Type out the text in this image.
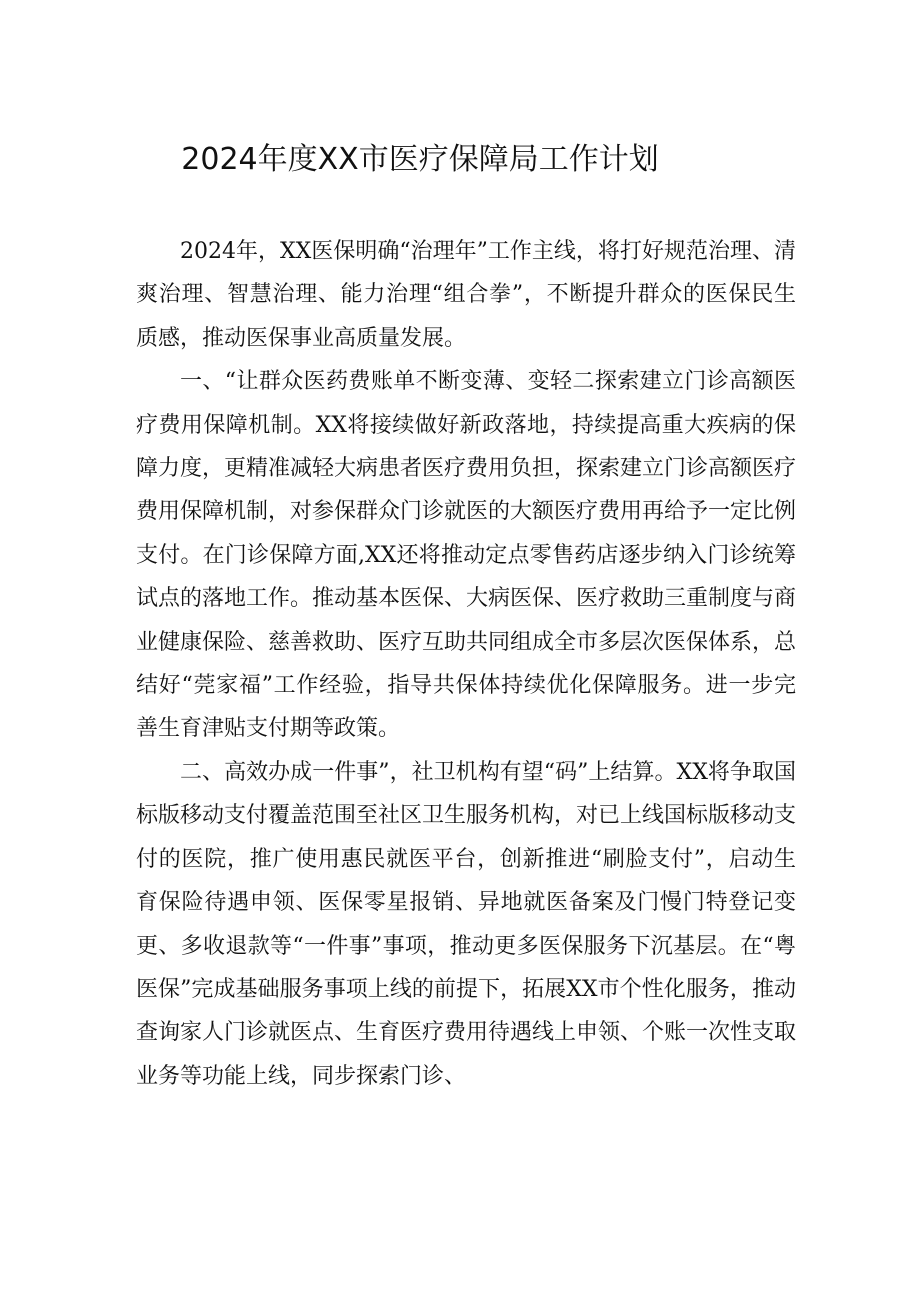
2024年度XX市医疗保障局工作计划

2024年，XX医保明确“治理年”工作主线，将打好规范治理、清爽治理、智慧治理、能力治理“组合拳”，不断提升群众的医保民生质感，推动医保事业高质量发展。

一、“让群众医药费账单不断变薄、变轻二探索建立门诊高额医疗费用保障机制。XX将接续做好新政落地，持续提高重大疾病的保障力度，更精准减轻大病患者医疗费用负担，探索建立门诊高额医疗费用保障机制，对参保群众门诊就医的大额医疗费用再给予一定比例支付。在门诊保障方面,XX还将推动定点零售药店逐步纳入门诊统筹试点的落地工作。推动基本医保、大病医保、医疗救助三重制度与商业健康保险、慈善救助、医疗互助共同组成全市多层次医保体系，总结好“莞家福”工作经验，指导共保体持续优化保障服务。进一步完善生育津贴支付期等政策。

二、高效办成一件事”，社卫机构有望“码”上结算。XX将争取国标版移动支付覆盖范围至社区卫生服务机构，对已上线国标版移动支付的医院，推广使用惠民就医平台，创新推进“刷脸支付”，启动生育保险待遇申领、医保零星报销、异地就医备案及门慢门特登记变更、多收退款等“一件事”事项，推动更多医保服务下沉基层。在“粤医保”完成基础服务事项上线的前提下，拓展XX市个性化服务，推动查询家人门诊就医点、生育医疗费用待遇线上申领、个账一次性支取业务等功能上线，同步探索门诊、
